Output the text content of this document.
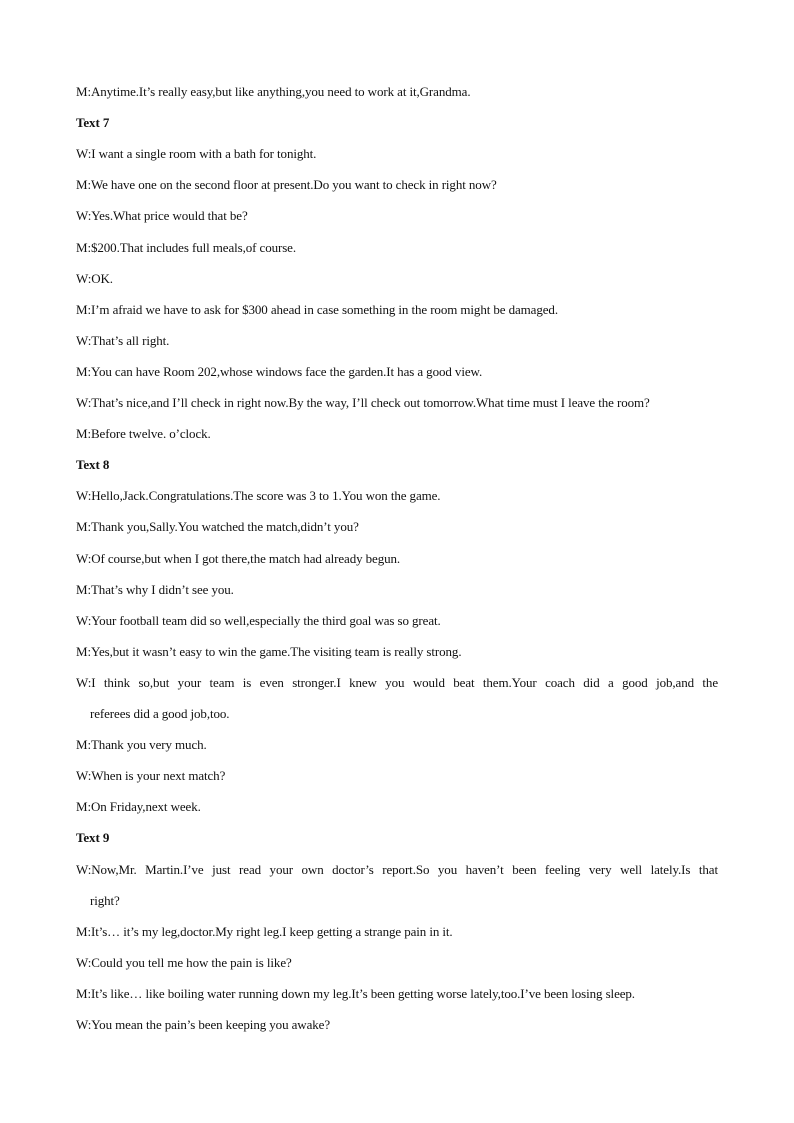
M:Anytime.It’s really easy,but like anything,you need to work at it,Grandma.
Text 7
W:I want a single room with a bath for tonight.
M:We have one on the second floor at present.Do you want to check in right now?
W:Yes.What price would that be?
M:$200.That includes full meals,of course.
W:OK.
M:I’m afraid we have to ask for $300 ahead in case something in the room might be damaged.
W:That’s all right.
M:You can have Room 202,whose windows face the garden.It has a good view.
W:That’s nice,and I’ll check in right now.By the way, I’ll check out tomorrow.What time must I leave the room?
M:Before twelve. o’clock.
Text 8
W:Hello,Jack.Congratulations.The score was 3 to 1.You won the game.
M:Thank you,Sally.You watched the match,didn’t you?
W:Of course,but when I got there,the match had already begun.
M:That’s why I didn’t see you.
W:Your football team did so well,especially the third goal was so great.
M:Yes,but it wasn’t easy to win the game.The visiting team is really strong.
W:I think so,but your team is even stronger.I knew you would beat them.Your coach did a good job,and the
referees did a good job,too.
M:Thank you very much.
W:When is your next match?
M:On Friday,next week.
Text 9
W:Now,Mr. Martin.I’ve just read your own doctor’s report.So you haven’t been feeling very well lately.Is that
right?
M:It’s… it’s my leg,doctor.My right leg.I keep getting a strange pain in it.
W:Could you tell me how the pain is like?
M:It’s like… like boiling water running down my leg.It’s been getting worse lately,too.I’ve been losing sleep.
W:You mean the pain’s been keeping you awake?
